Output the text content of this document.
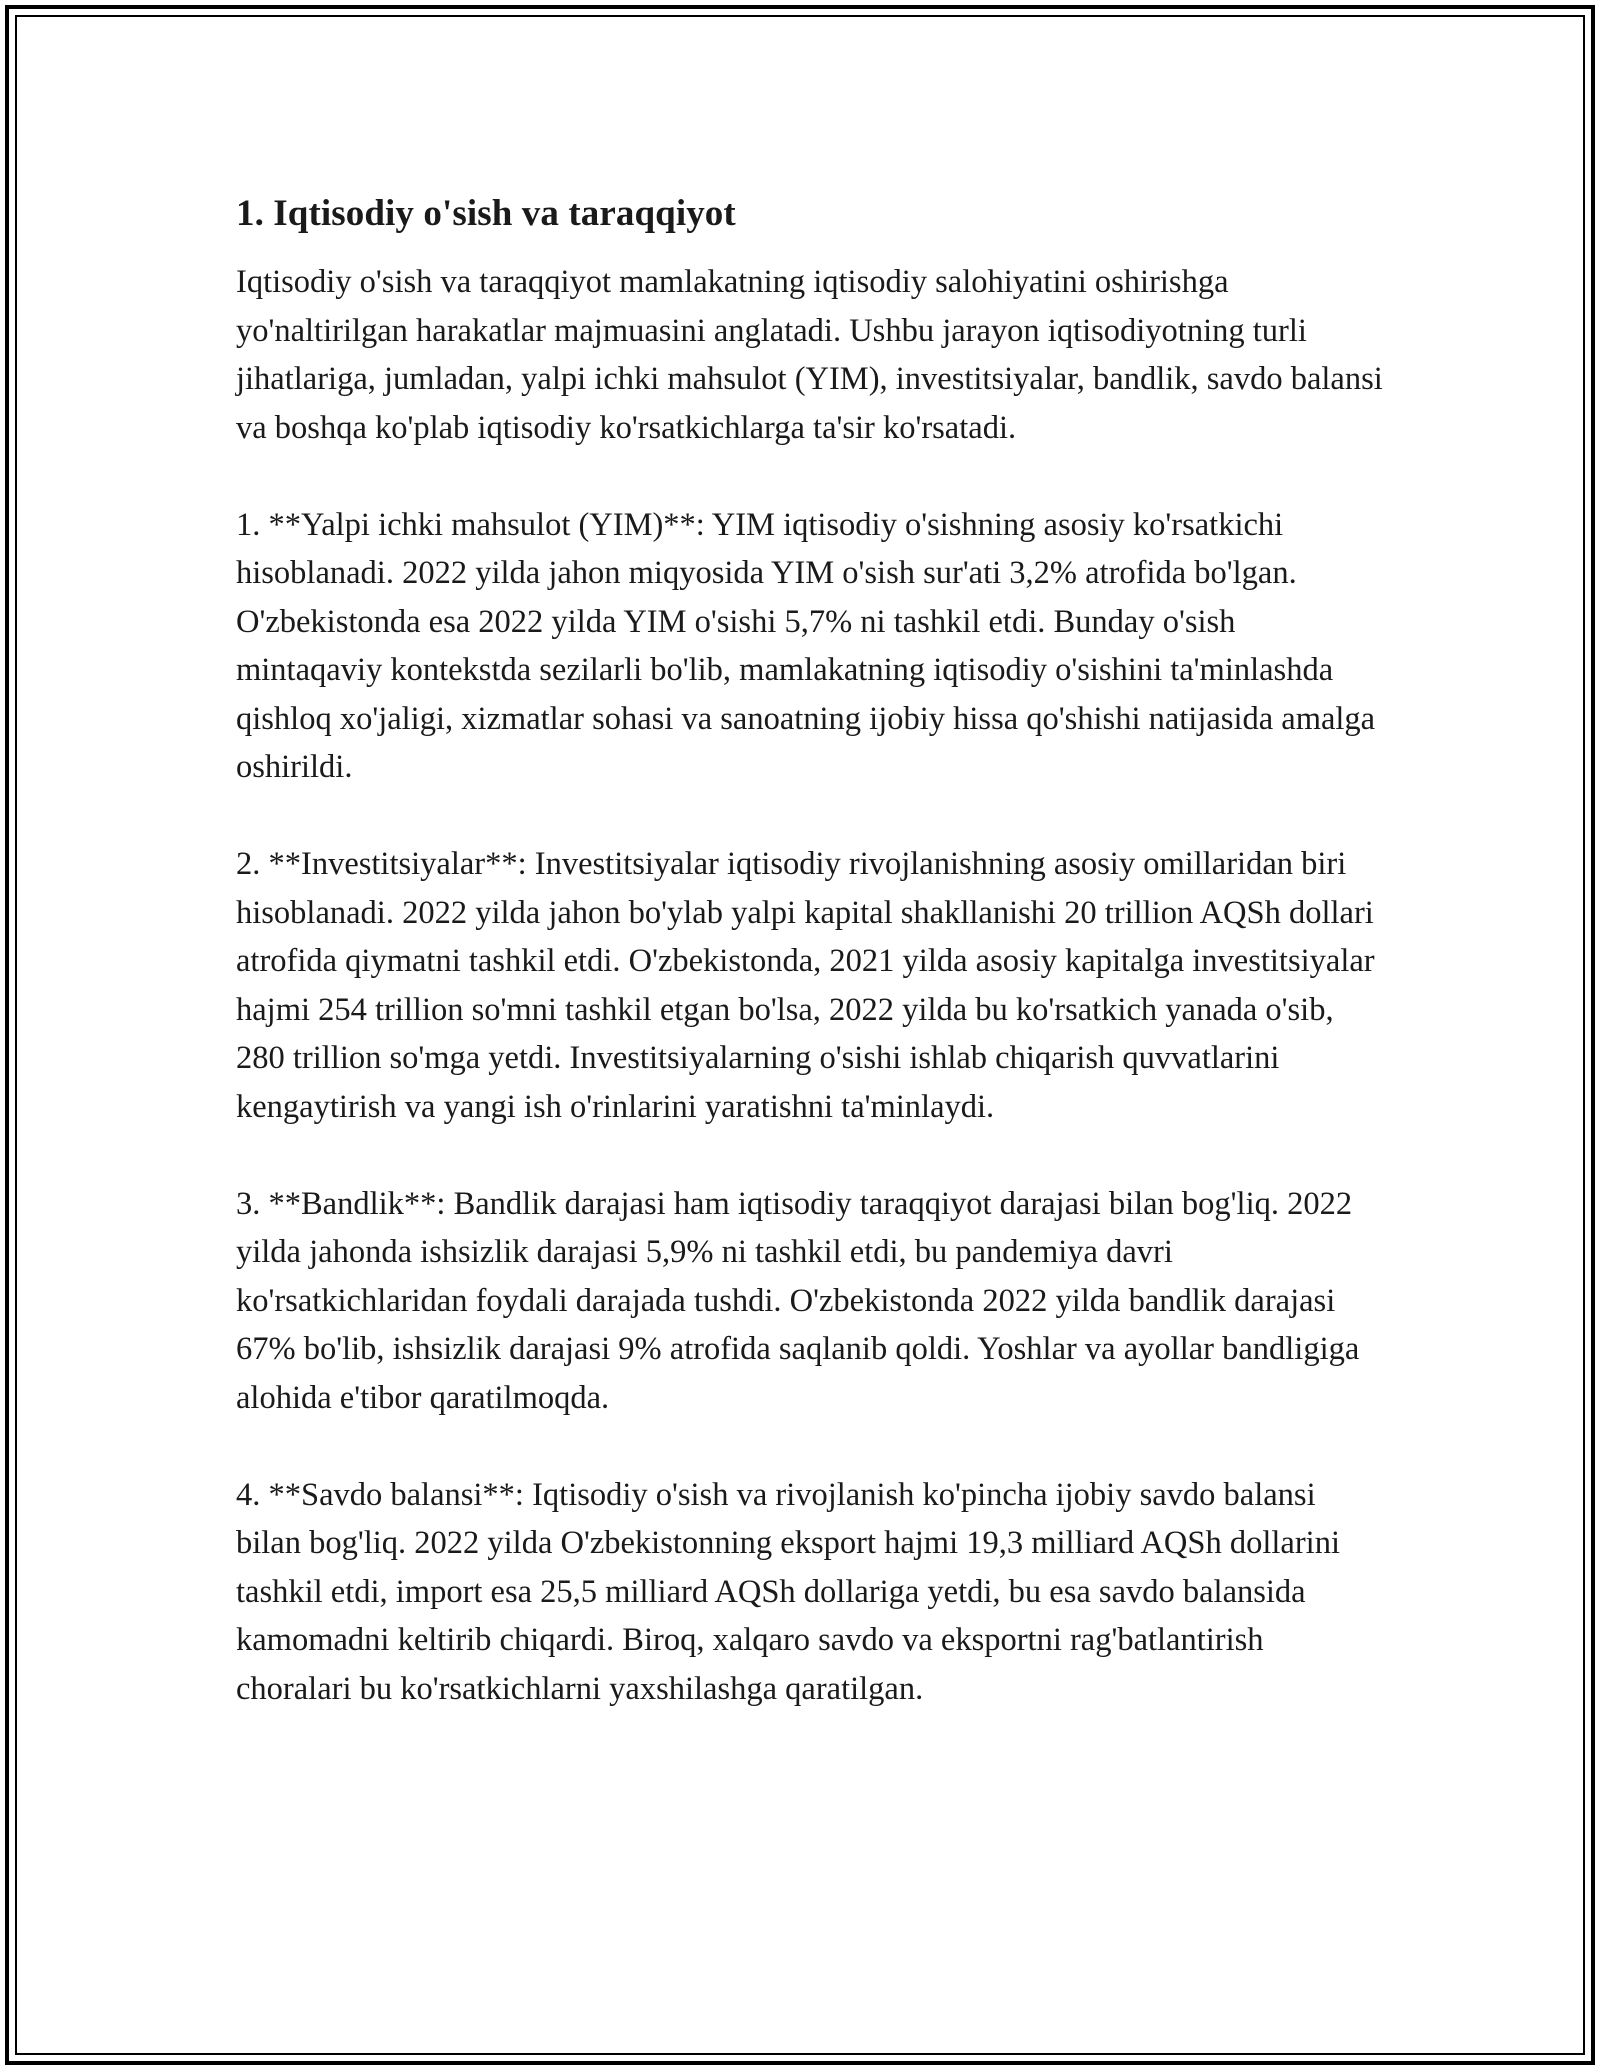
1. Iqtisodiy o'sish va taraqqiyot

Iqtisodiy o'sish va taraqqiyot mamlakatning iqtisodiy salohiyatini oshirishga yo'naltirilgan harakatlar majmuasini anglatadi. Ushbu jarayon iqtisodiyotning turli jihatlariga, jumladan, yalpi ichki mahsulot (YIM), investitsiyalar, bandlik, savdo balansi va boshqa ko'plab iqtisodiy ko'rsatkichlarga ta'sir ko'rsatadi.

1. **Yalpi ichki mahsulot (YIM)**: YIM iqtisodiy o'sishning asosiy ko'rsatkichi hisoblanadi. 2022 yilda jahon miqyosida YIM o'sish sur'ati 3,2% atrofida bo'lgan. O'zbekistonda esa 2022 yilda YIM o'sishi 5,7% ni tashkil etdi. Bunday o'sish mintaqaviy kontekstda sezilarli bo'lib, mamlakatning iqtisodiy o'sishini ta'minlashda qishloq xo'jaligi, xizmatlar sohasi va sanoatning ijobiy hissa qo'shishi natijasida amalga oshirildi.

2. **Investitsiyalar**: Investitsiyalar iqtisodiy rivojlanishning asosiy omillaridan biri hisoblanadi. 2022 yilda jahon bo'ylab yalpi kapital shakllanishi 20 trillion AQSh dollari atrofida qiymatni tashkil etdi. O'zbekistonda, 2021 yilda asosiy kapitalga investitsiyalar hajmi 254 trillion so'mni tashkil etgan bo'lsa, 2022 yilda bu ko'rsatkich yanada o'sib, 280 trillion so'mga yetdi. Investitsiyalarning o'sishi ishlab chiqarish quvvatlarini kengaytirish va yangi ish o'rinlarini yaratishni ta'minlaydi.

3. **Bandlik**: Bandlik darajasi ham iqtisodiy taraqqiyot darajasi bilan bog'liq. 2022 yilda jahonda ishsizlik darajasi 5,9% ni tashkil etdi, bu pandemiya davri ko'rsatkichlaridan foydali darajada tushdi. O'zbekistonda 2022 yilda bandlik darajasi 67% bo'lib, ishsizlik darajasi 9% atrofida saqlanib qoldi. Yoshlar va ayollar bandligiga alohida e'tibor qaratilmoqda.

4. **Savdo balansi**: Iqtisodiy o'sish va rivojlanish ko'pincha ijobiy savdo balansi bilan bog'liq. 2022 yilda O'zbekistonning eksport hajmi 19,3 milliard AQSh dollarini tashkil etdi, import esa 25,5 milliard AQSh dollariga yetdi, bu esa savdo balansida kamomadni keltirib chiqardi. Biroq, xalqaro savdo va eksportni rag'batlantirish choralari bu ko'rsatkichlarni yaxshilashga qaratilgan.
